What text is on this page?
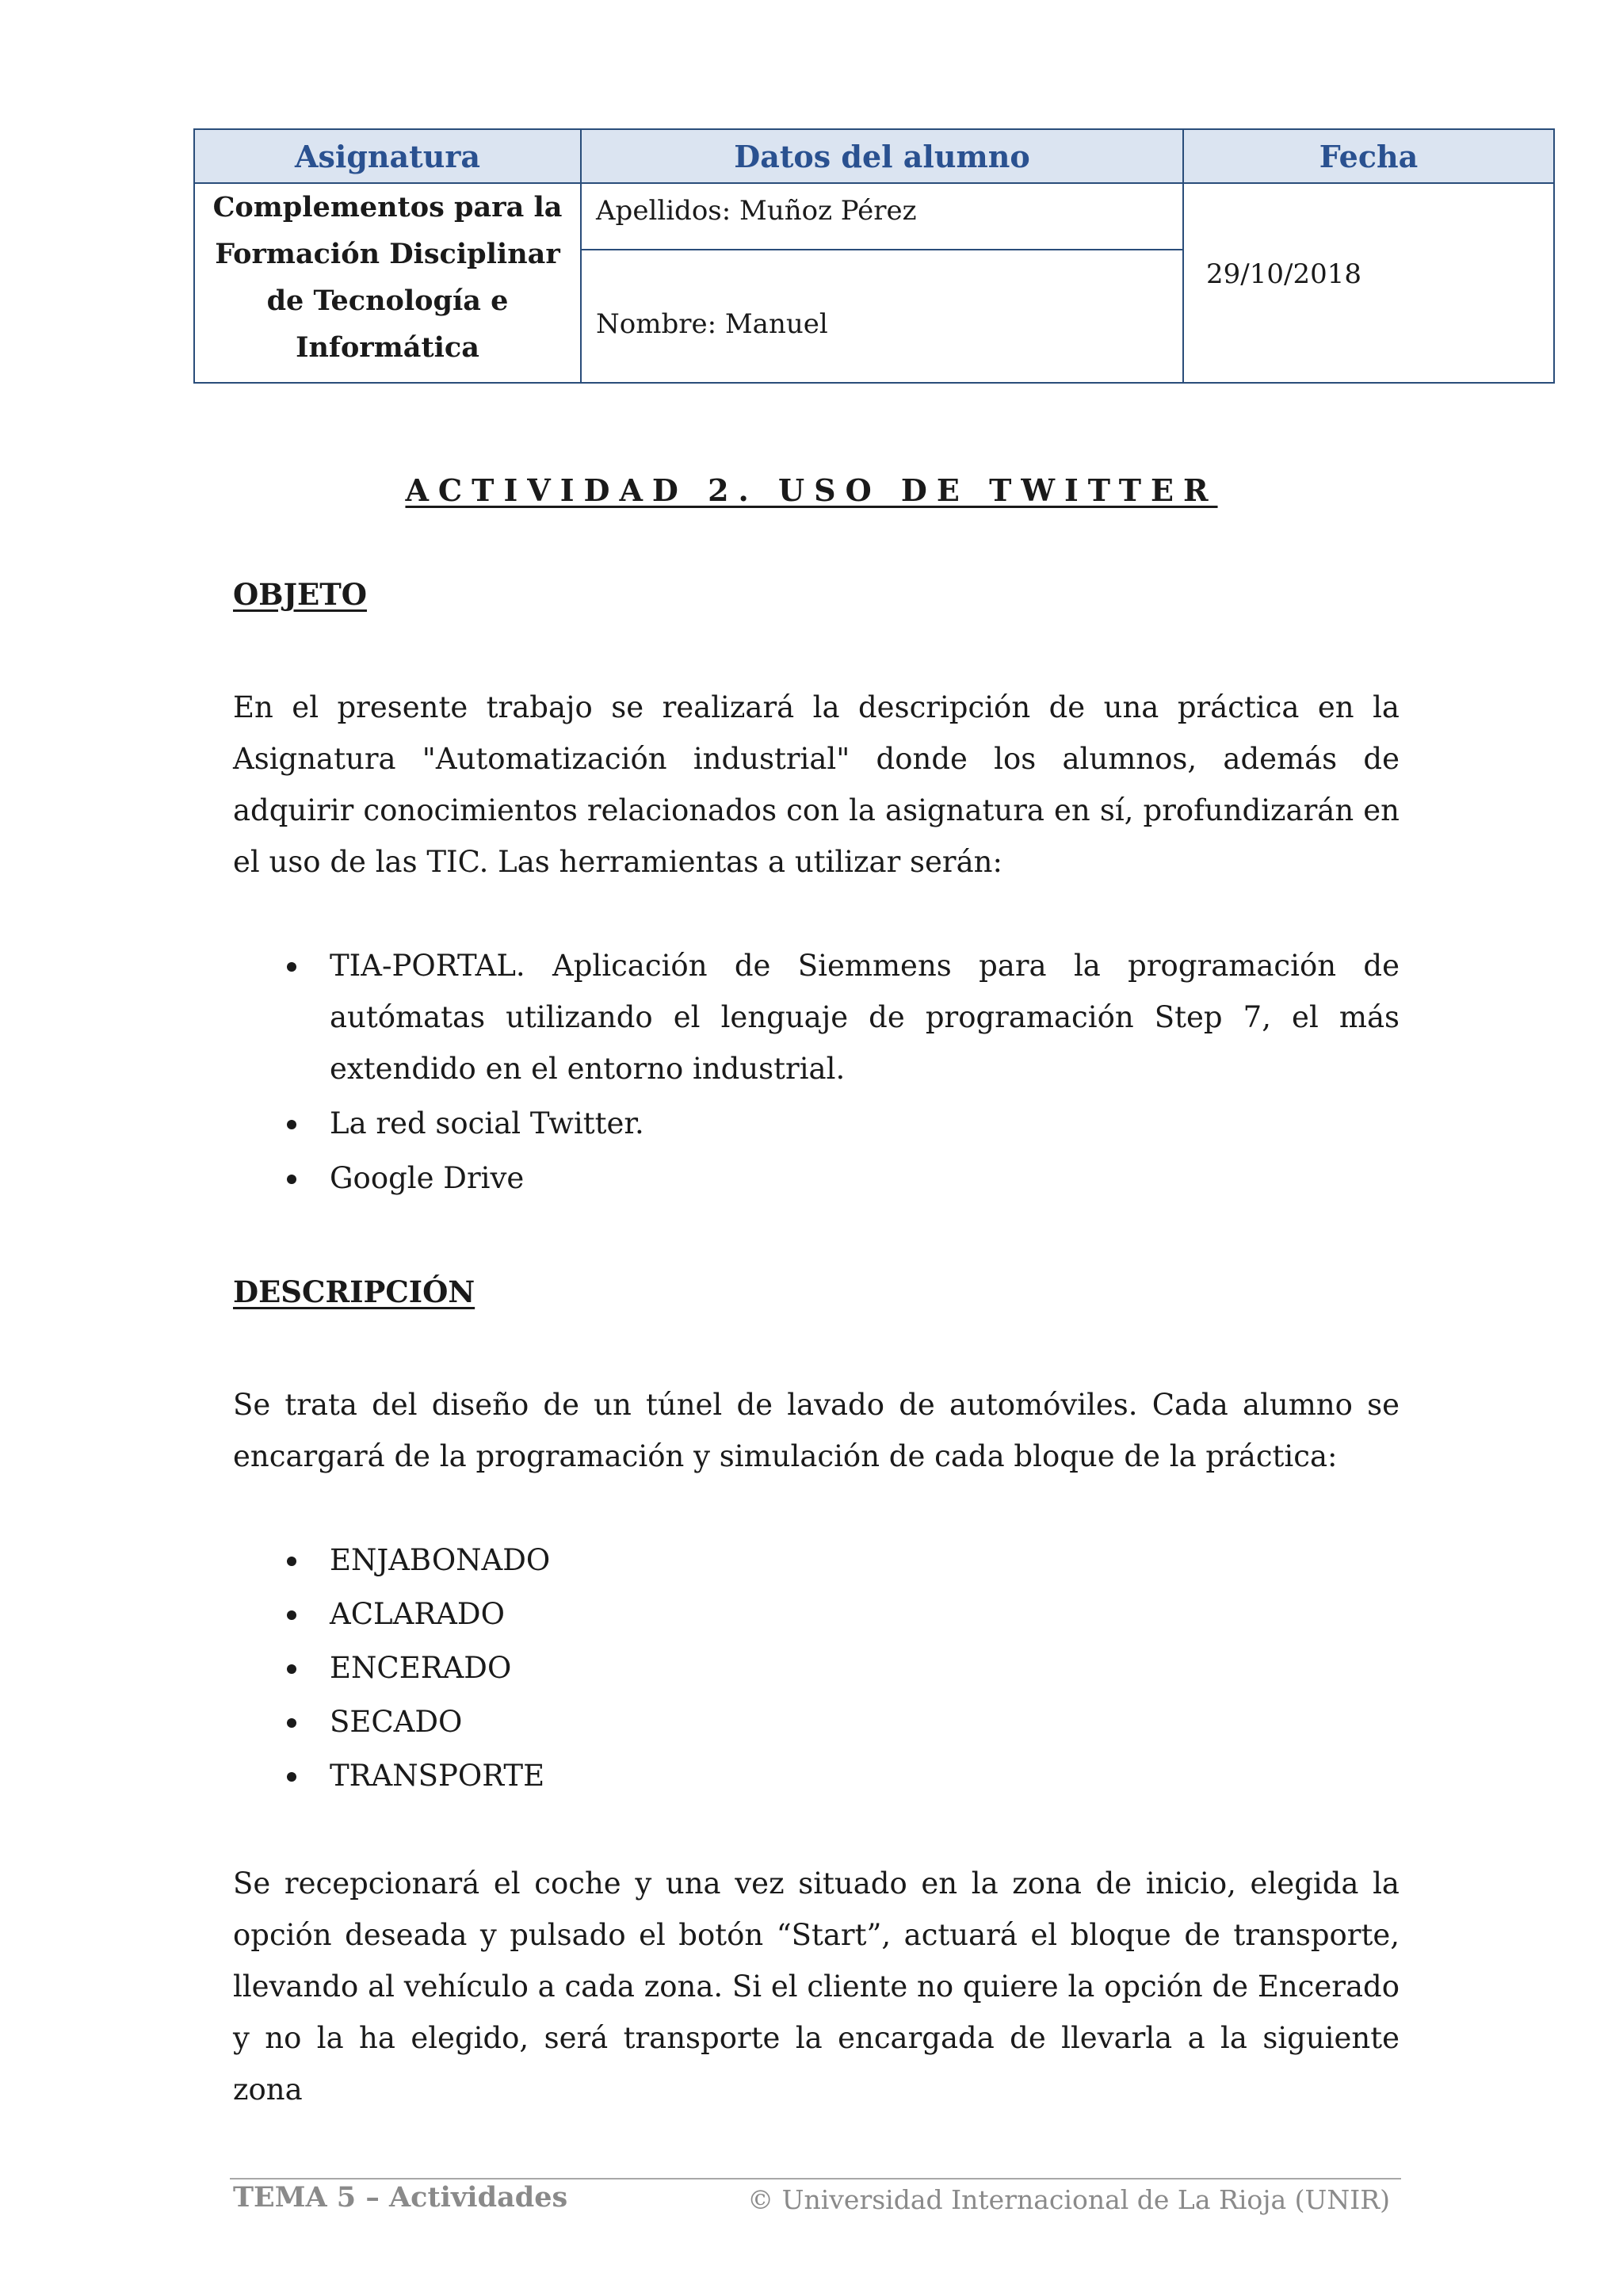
Asignatura	Datos del alumno	Fecha

Complementos para la
Formación Disciplinar
de Tecnología e
Informática	Apellidos: Muñoz Pérez	29/10/2018
	Nombre: Manuel	
ACTIVIDAD 2. USO DE TWITTER
OBJETO
En el presente trabajo se realizará la descripción de una práctica en la Asignatura "Automatización industrial" donde los alumnos, además de adquirir conocimientos relacionados con la asignatura en sí, profundizarán en el uso de las TIC. Las herramientas a utilizar serán:
TIA-PORTAL. Aplicación de Siemmens para la programación de autómatas utilizando el lenguaje de programación Step 7, el más extendido en el entorno industrial.
La red social Twitter.
Google Drive
DESCRIPCIÓN
Se trata del diseño de un túnel de lavado de automóviles. Cada alumno se encargará de la programación y simulación de cada bloque de la práctica:
ENJABONADO
ACLARADO
ENCERADO
SECADO
TRANSPORTE
Se recepcionará el coche y una vez situado en la zona de inicio, elegida la opción deseada y pulsado el botón “Start”, actuará el bloque de transporte, llevando al vehículo a cada zona. Si el cliente no quiere la opción de Encerado y no la ha elegido, será transporte la encargada de llevarla a la siguiente zona
TEMA 5 – Actividades	© Universidad Internacional de La Rioja (UNIR)
